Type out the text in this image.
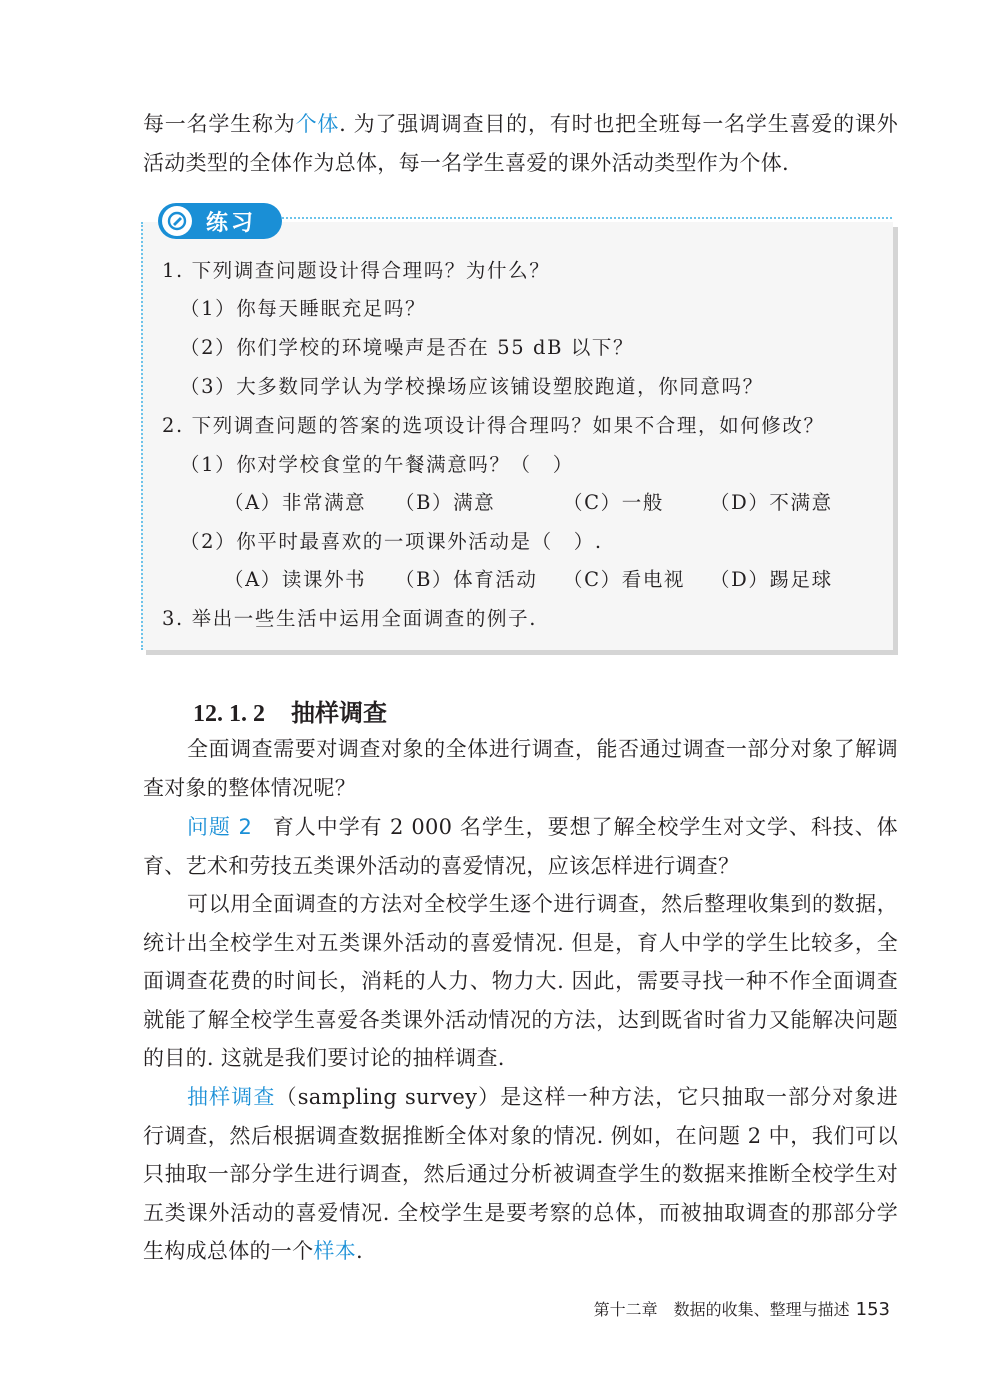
每一名学生称为个体. 为了强调调查目的，有时也把全班每一名学生喜爱的课外活动类型的全体作为总体，每一名学生喜爱的课外活动类型作为个体.
练习
1. 下列调查问题设计得合理吗？为什么？
（1）你每天睡眠充足吗？
（2）你们学校的环境噪声是否在 55 dB 以下？
（3）大多数同学认为学校操场应该铺设塑胶跑道，你同意吗？
2. 下列调查问题的答案的选项设计得合理吗？如果不合理，如何修改？
（1）你对学校食堂的午餐满意吗？（　）
（A）非常满意 （B）满意	（C）一般 （D）不满意
（2）你平时最喜欢的一项课外活动是（　）.
（A）读课外书 （B）体育活动 （C）看电视 （D）踢足球
3. 举出一些生活中运用全面调查的例子.
12. 1. 2 抽样调查
全面调查需要对调查对象的全体进行调查，能否通过调查一部分对象了解调查对象的整体情况呢？
问题 2 育人中学有 2 000 名学生，要想了解全校学生对文学、科技、体育、艺术和劳技五类课外活动的喜爱情况，应该怎样进行调查？
可以用全面调查的方法对全校学生逐个进行调查，然后整理收集到的数据，统计出全校学生对五类课外活动的喜爱情况. 但是，育人中学的学生比较多，全面调查花费的时间长，消耗的人力、物力大. 因此，需要寻找一种不作全面调查就能了解全校学生喜爱各类课外活动情况的方法，达到既省时省力又能解决问题的目的. 这就是我们要讨论的抽样调查.
抽样调查（sampling survey）是这样一种方法，它只抽取一部分对象进行调查，然后根据调查数据推断全体对象的情况. 例如，在问题 2 中，我们可以只抽取一部分学生进行调查，然后通过分析被调查学生的数据来推断全校学生对五类课外活动的喜爱情况. 全校学生是要考察的总体，而被抽取调查的那部分学生构成总体的一个样本.
第十二章　数据的收集、整理与描述 153
